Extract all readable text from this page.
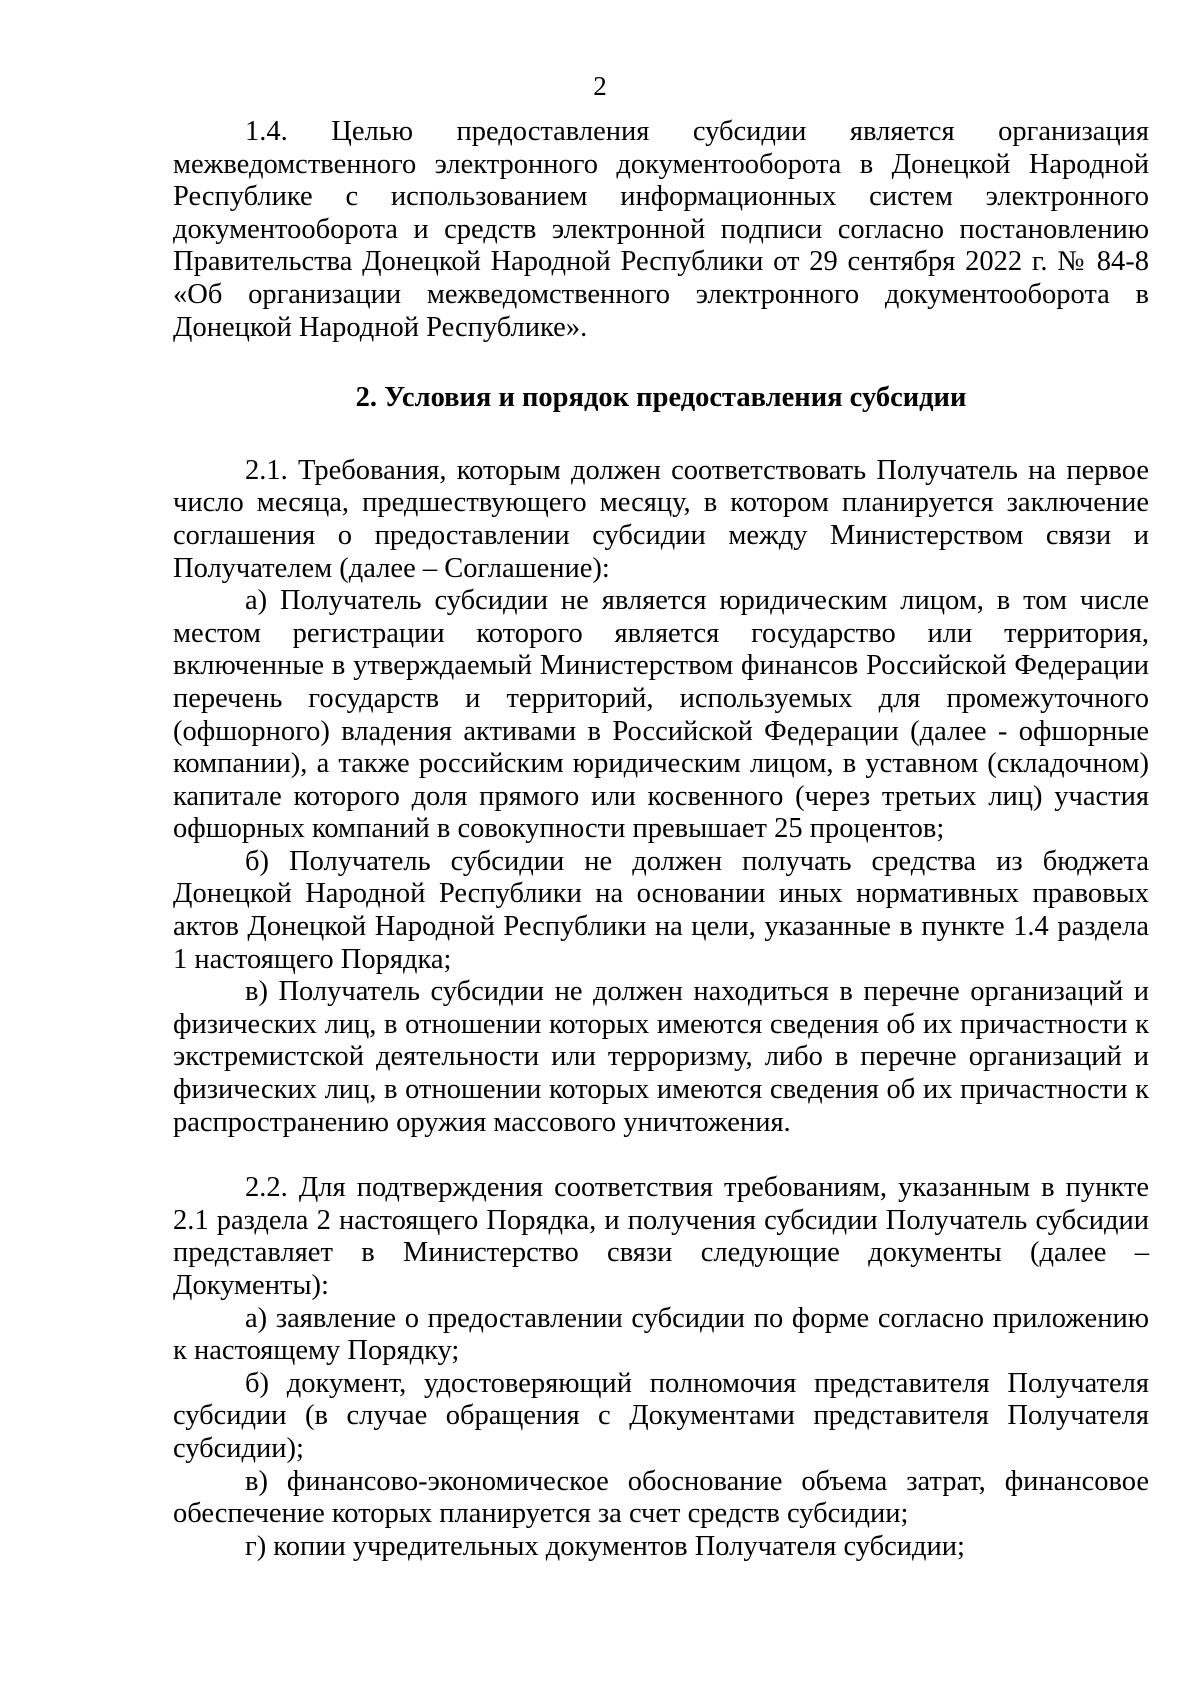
2

1.4. Целью предоставления субсидии является организация межведомственного электронного документооборота в Донецкой Народной Республике с использованием информационных систем электронного документооборота и средств электронной подписи согласно постановлению Правительства Донецкой Народной Республики от 29 сентября 2022 г. № 84-8 «Об организации межведомственного электронного документооборота в Донецкой Народной Республике».

2. Условия и порядок предоставления субсидии

2.1. Требования, которым должен соответствовать Получатель на первое число месяца, предшествующего месяцу, в котором планируется заключение соглашения о предоставлении субсидии между Министерством связи и Получателем (далее – Соглашение):

а) Получатель субсидии не является юридическим лицом, в том числе местом регистрации которого является государство или территория, включенные в утверждаемый Министерством финансов Российской Федерации перечень государств и территорий, используемых для промежуточного (офшорного) владения активами в Российской Федерации (далее - офшорные компании), а также российским юридическим лицом, в уставном (складочном) капитале которого доля прямого или косвенного (через третьих лиц) участия офшорных компаний в совокупности превышает 25 процентов;

б) Получатель субсидии не должен получать средства из бюджета Донецкой Народной Республики на основании иных нормативных правовых актов Донецкой Народной Республики на цели, указанные в пункте 1.4 раздела 1 настоящего Порядка;

в) Получатель субсидии не должен находиться в перечне организаций и физических лиц, в отношении которых имеются сведения об их причастности к экстремистской деятельности или терроризму, либо в перечне организаций и физических лиц, в отношении которых имеются сведения об их причастности к распространению оружия массового уничтожения.

2.2. Для подтверждения соответствия требованиям, указанным в пункте 2.1 раздела 2 настоящего Порядка, и получения субсидии Получатель субсидии представляет в Министерство связи следующие документы (далее – Документы):

а) заявление о предоставлении субсидии по форме согласно приложению к настоящему Порядку;

б) документ, удостоверяющий полномочия представителя Получателя субсидии (в случае обращения с Документами представителя Получателя субсидии);

в) финансово-экономическое обоснование объема затрат, финансовое обеспечение которых планируется за счет средств субсидии;

г) копии учредительных документов Получателя субсидии;
